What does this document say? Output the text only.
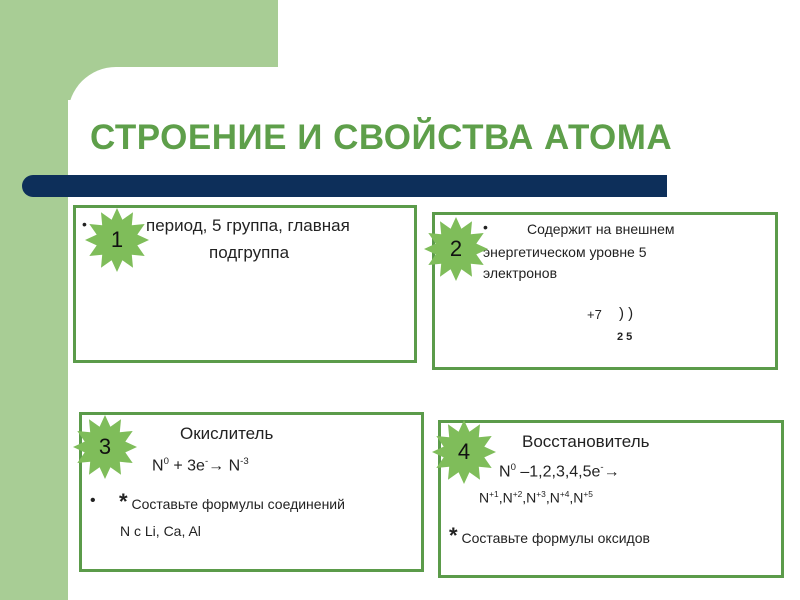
СТРОЕНИЕ И СВОЙСТВА АТОМА
•	период, 5 группа, главная
подгруппа
•	Содержит на внешнем
энергетическом уровне 5
электронов
+7 ) )
2 5
Окислитель
$N^0 + 3e^-\to N^{-3}$
• * Составьте формулы соединений
N с Li, Ca, Al
Восстановитель
$N^0$ –1,2,3,4,5e-→
$N^{+1},N^{+2},N^{+3},N^{+4},N^{+5}$
* Составьте формулы оксидов
1	2
3	4
